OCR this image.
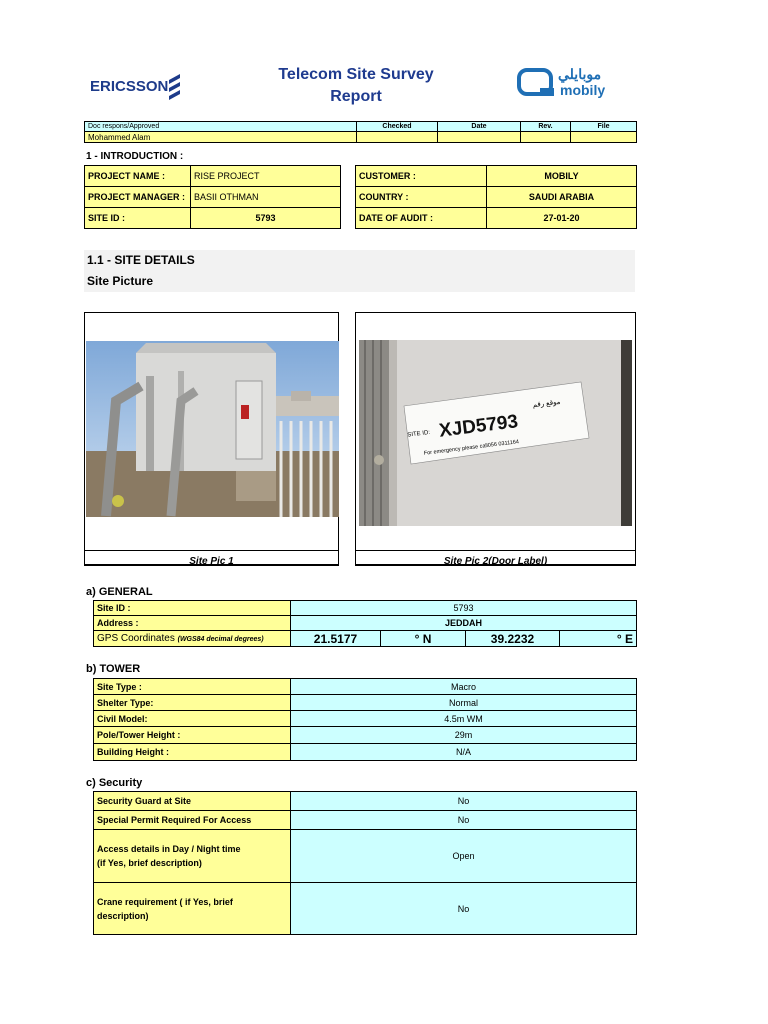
ERICSSON
Telecom Site Survey
Report
موبايلي
mobily
Doc respons/Approved	Checked	Date	Rev.	File
Mohammed Alam				
1 - INTRODUCTION :
PROJECT NAME :	RISE PROJECT
PROJECT MANAGER :	BASII OTHMAN
SITE ID :	5793
CUSTOMER :	MOBILY
COUNTRY :	SAUDI ARABIA
DATE OF AUDIT :	27-01-20
1.1 - SITE DETAILS
Site Picture
Site Pic 1
SITE ID: XJD5793
موقع رقم
For emergency please call056 0311164
Site Pic 2(Door Label)
a) GENERAL
Site ID :	5793			
Address :	JEDDAH			
GPS Coordinates (WGS84 decimal degrees)	21.5177	° N	39.2232	° E
b) TOWER
Site Type :	Macro
Shelter Type:	Normal
Civil Model:	4.5m WM
Pole/Tower Height :	29m
Building Height :	N/A
c) Security
Security Guard at Site	No
Special Permit Required For Access	No

Access details in Day / Night time
(if Yes, brief description)	Open

Crane requirement ( if Yes, brief
description)	No
